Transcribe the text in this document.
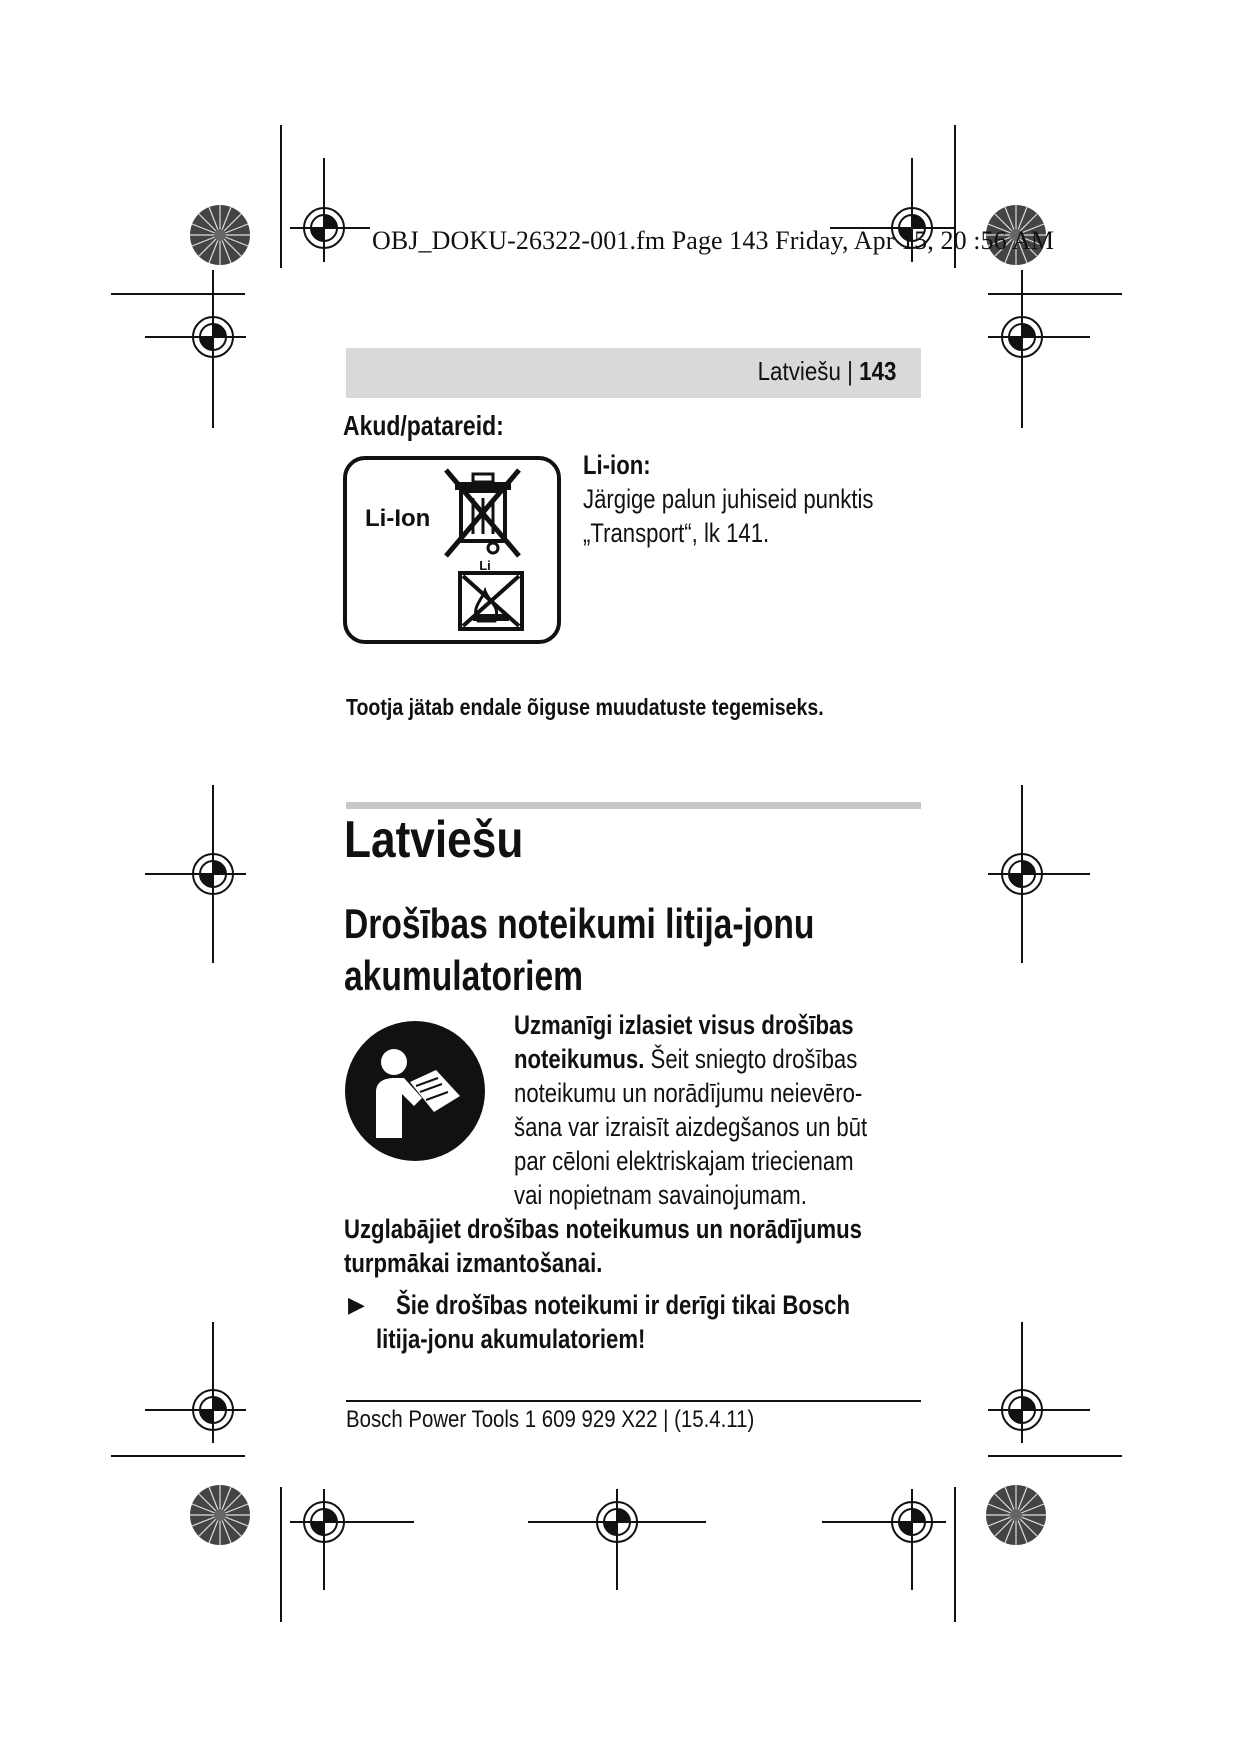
OBJ_DOKU-26322-001.fm Page 143 Friday, Apr 15, 20 :56 AM
Latviešu | 143
Akud/patareid:
Li-Ion
Li
Li-ion:
Järgige palun juhiseid punktis
„Transport“, lk 141.
Tootja jätab endale õiguse muudatuste tegemiseks.
Latviešu
Drošības noteikumi litija-jonu
akumulatoriem
Uzmanīgi izlasiet visus drošības
noteikumus. Šeit sniegto drošības
noteikumu un norādījumu neievēro-
šana var izraisīt aizdegšanos un būt
par cēloni elektriskajam triecienam
vai nopietnam savainojumam.
Uzglabājiet drošības noteikumus un norādījumus
turpmākai izmantošanai.
▶ Šie drošības noteikumi ir derīgi tikai Bosch
litija-jonu akumulatoriem!
Bosch Power Tools 1 609 929 X22 | (15.4.11)
